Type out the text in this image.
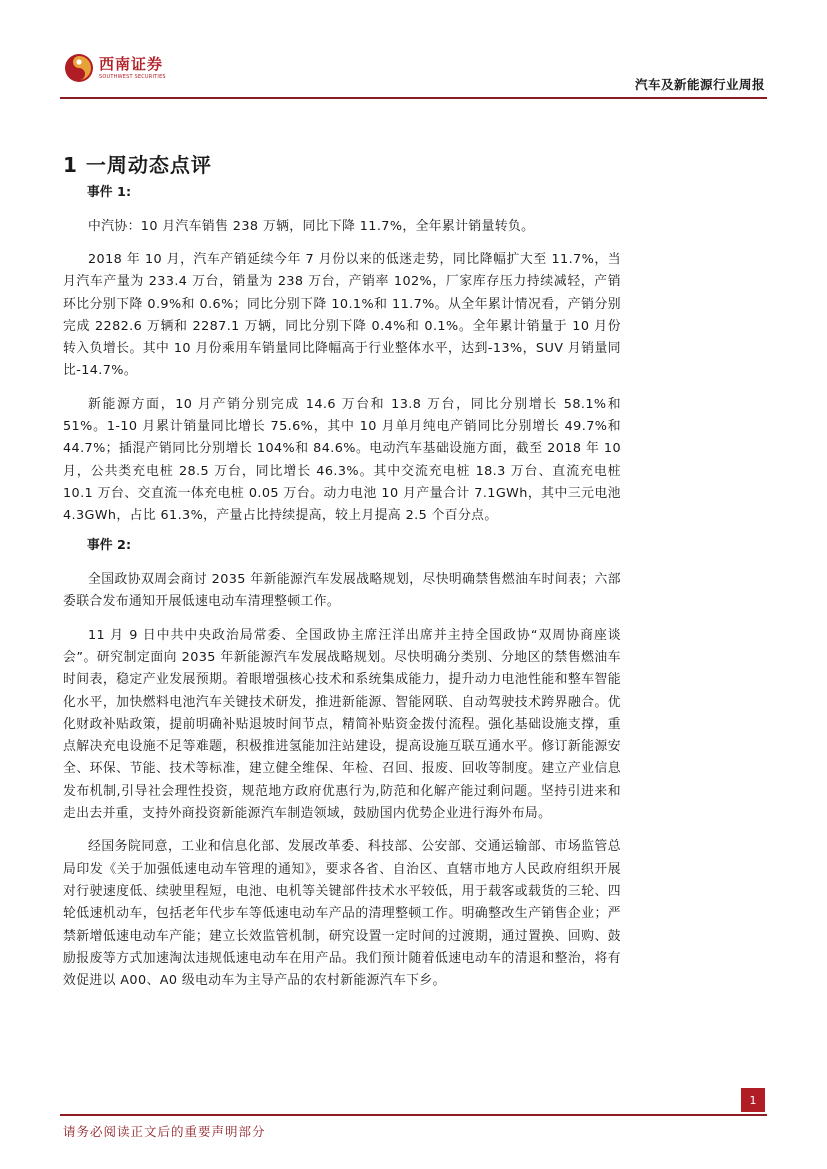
西南证券
SOUTHWEST SECURITIES
汽车及新能源行业周报
1 一周动态点评
事件 1:

中汽协：10 月汽车销售 238 万辆，同比下降 11.7%，全年累计销量转负。

2018 年 10 月，汽车产销延续今年 7 月份以来的低迷走势，同比降幅扩大至 11.7%，当月汽车产量为 233.4 万台，销量为 238 万台，产销率 102%，厂家库存压力持续减轻，产销环比分别下降 0.9%和 0.6%；同比分别下降 10.1%和 11.7%。从全年累计情况看，产销分别完成 2282.6 万辆和 2287.1 万辆，同比分别下降 0.4%和 0.1%。全年累计销量于 10 月份转入负增长。其中 10 月份乘用车销量同比降幅高于行业整体水平，达到-13%，SUV 月销量同比-14.7%。

新能源方面，10 月产销分别完成 14.6 万台和 13.8 万台，同比分别增长 58.1%和 51%。1-10 月累计销量同比增长 75.6%，其中 10 月单月纯电产销同比分别增长 49.7%和 44.7%；插混产销同比分别增长 104%和 84.6%。电动汽车基础设施方面，截至 2018 年 10 月，公共类充电桩 28.5 万台，同比增长 46.3%。其中交流充电桩 18.3 万台、直流充电桩 10.1 万台、交直流一体充电桩 0.05 万台。动力电池 10 月产量合计 7.1GWh，其中三元电池 4.3GWh，占比 61.3%，产量占比持续提高，较上月提高 2.5 个百分点。

事件 2:

全国政协双周会商讨 2035 年新能源汽车发展战略规划，尽快明确禁售燃油车时间表；六部委联合发布通知开展低速电动车清理整顿工作。

11 月 9 日中共中央政治局常委、全国政协主席汪洋出席并主持全国政协“双周协商座谈会”。研究制定面向 2035 年新能源汽车发展战略规划。尽快明确分类别、分地区的禁售燃油车时间表，稳定产业发展预期。着眼增强核心技术和系统集成能力，提升动力电池性能和整车智能化水平，加快燃料电池汽车关键技术研发，推进新能源、智能网联、自动驾驶技术跨界融合。优化财政补贴政策，提前明确补贴退坡时间节点，精简补贴资金拨付流程。强化基础设施支撑，重点解决充电设施不足等难题，积极推进氢能加注站建设，提高设施互联互通水平。修订新能源安全、环保、节能、技术等标准，建立健全维保、年检、召回、报废、回收等制度。建立产业信息发布机制,引导社会理性投资，规范地方政府优惠行为,防范和化解产能过剩问题。坚持引进来和走出去并重，支持外商投资新能源汽车制造领域，鼓励国内优势企业进行海外布局。

经国务院同意，工业和信息化部、发展改革委、科技部、公安部、交通运输部、市场监管总局印发《关于加强低速电动车管理的通知》，要求各省、自治区、直辖市地方人民政府组织开展对行驶速度低、续驶里程短，电池、电机等关键部件技术水平较低，用于载客或载货的三轮、四轮低速机动车，包括老年代步车等低速电动车产品的清理整顿工作。明确整改生产销售企业；严禁新增低速电动车产能；建立长效监管机制，研究设置一定时间的过渡期，通过置换、回购、鼓励报废等方式加速淘汰违规低速电动车在用产品。我们预计随着低速电动车的清退和整治，将有效促进以 A00、A0 级电动车为主导产品的农村新能源汽车下乡。

1
请务必阅读正文后的重要声明部分
